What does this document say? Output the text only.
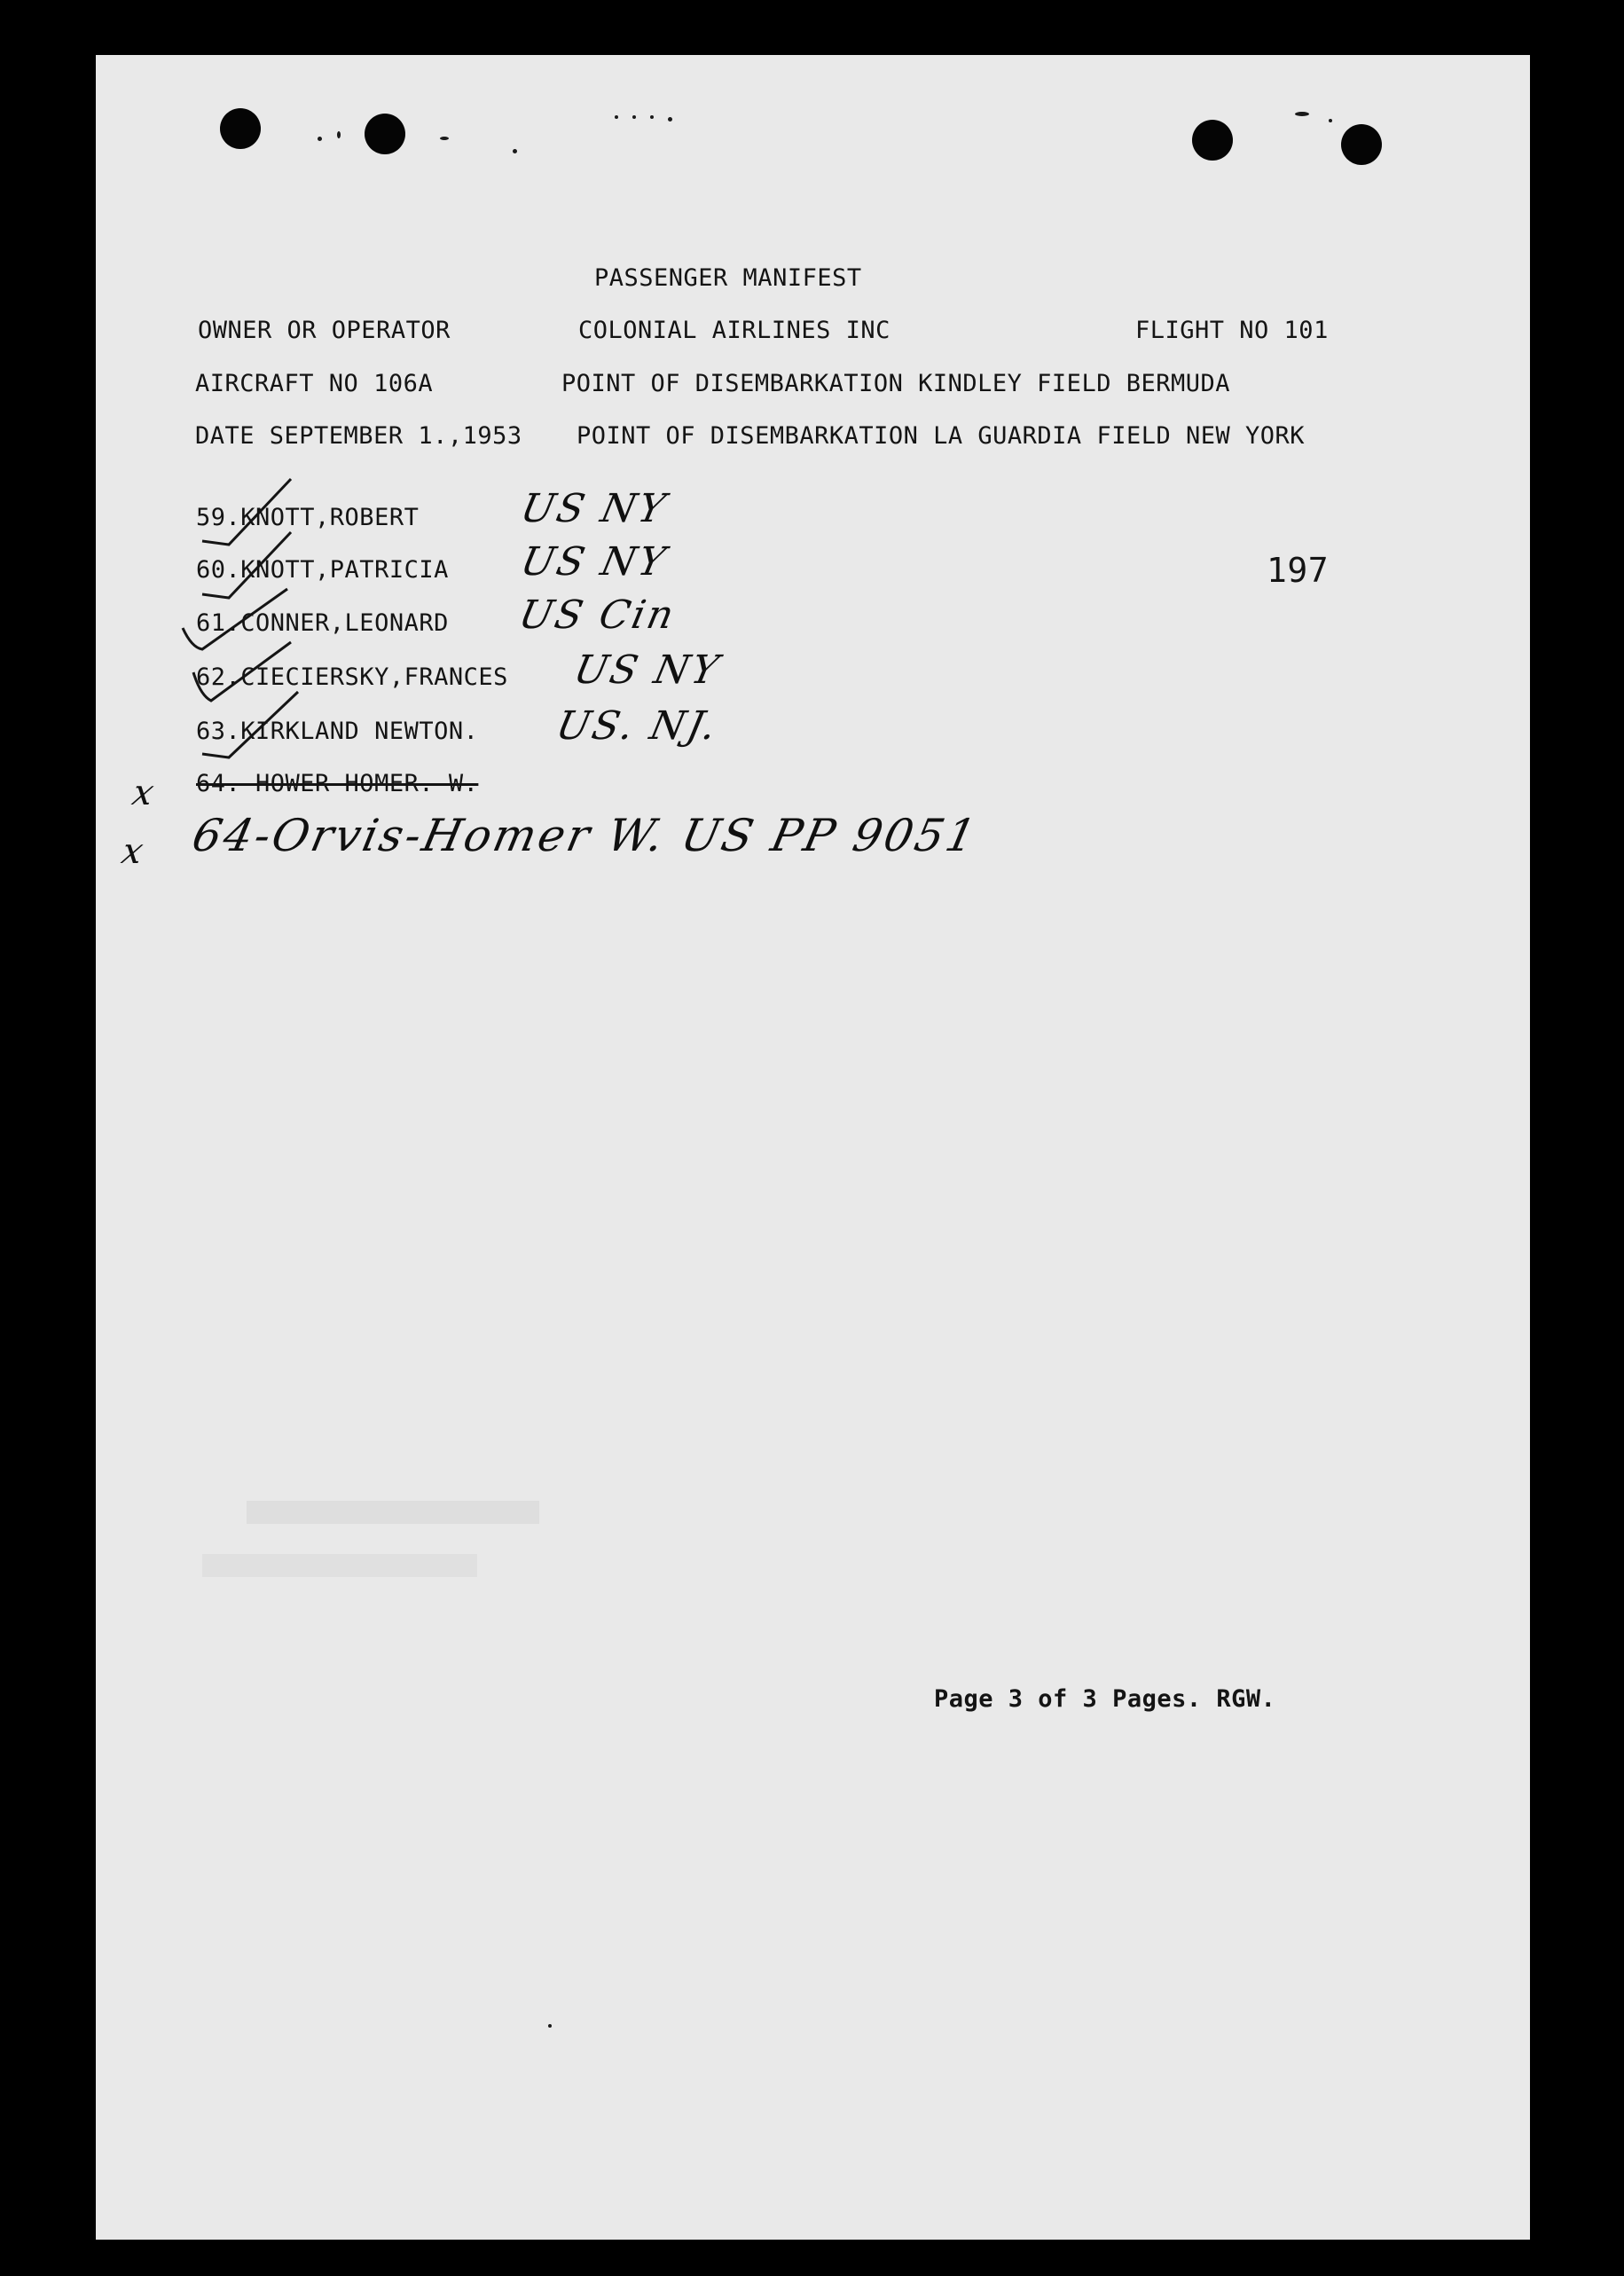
PASSENGER MANIFEST
OWNER OR OPERATOR	COLONIAL AIRLINES INC	FLIGHT NO 101
AIRCRAFT NO 106A	POINT OF DISEMBARKATION KINDLEY FIELD BERMUDA
DATE SEPTEMBER 1.,1953 POINT OF DISEMBARKATION LA GUARDIA FIELD NEW YORK
197
59.KNOTT,ROBERT	US NY
60.KNOTT,PATRICIA US NY
61.CONNER,LEONARD US Cin
62.CIECIERSKY,FRANCES US NY
63.KIRKLAND NEWTON. US. NJ.
x 64. HOWER HOMER. W.
x 64-Orvis-Homer W. US PP 9051
Page 3 of 3 Pages. RGW.
